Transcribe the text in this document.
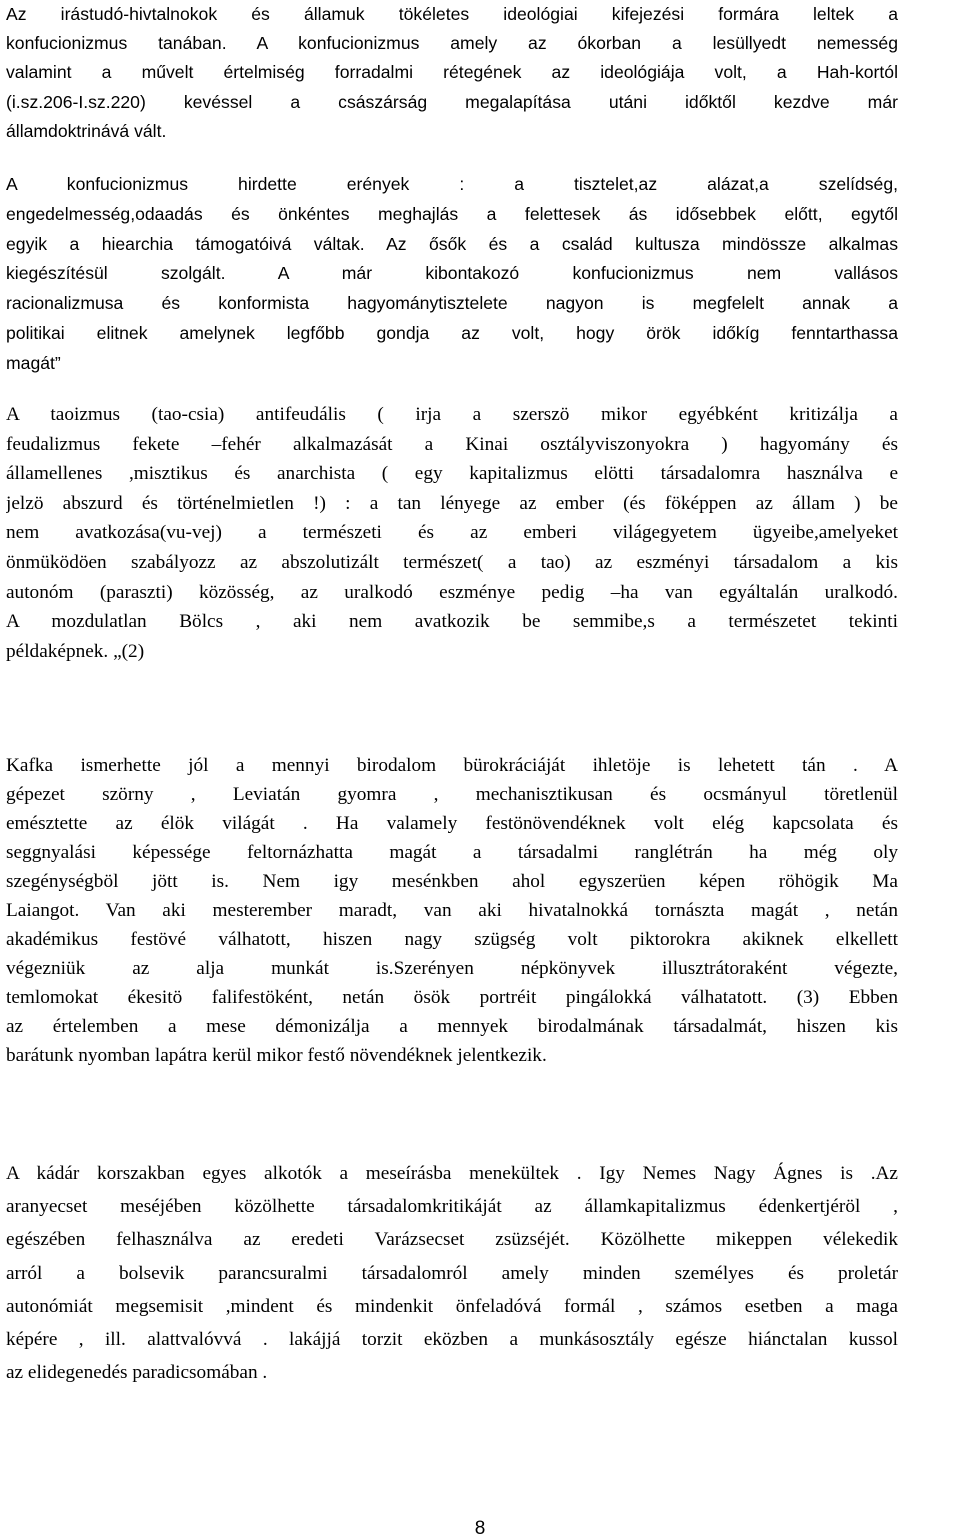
Az irástudó-hivtalnokok és államuk tökéletes ideológiai kifejezési formára leltek a
konfucionizmus tanában. A konfucionizmus amely az ókorban a lesüllyedt nemesség
valamint a művelt értelmiség forradalmi rétegének az ideológiája volt, a Hah-kortól
(i.sz.206-I.sz.220) kevéssel a császárság megalapítása utáni időktől kezdve már
államdoktrinává vált.
A konfucionizmus hirdette erények : a tisztelet,az alázat,a szelídség,
engedelmesség,odaadás és önkéntes meghajlás a felettesek ás idősebbek előtt, egytől
egyik a hiearchia támogatóivá váltak. Az ősők és a család kultusza mindössze alkalmas
kiegészítésül szolgált. A már kibontakozó konfucionizmus nem vallásos
racionalizmusa és konformista hagyománytisztelete nagyon is megfelelt annak a
politikai elitnek amelynek legfőbb gondja az volt, hogy örök időkíg fenntarthassa
magát”
A taoizmus (tao-csia) antifeudális ( irja a szerszö mikor egyébként kritizálja a
feudalizmus fekete –fehér alkalmazását a Kinai osztályviszonyokra ) hagyomány és
államellenes ,misztikus és anarchista ( egy kapitalizmus elötti társadalomra használva e
jelzö abszurd és történelmietlen !) : a tan lényege az ember (és föképpen az állam ) be
nem avatkozása(vu-vej) a természeti és az emberi világegyetem ügyeibe,amelyeket
önmüködöen szabályozz az abszolutizált természet( a tao) az eszményi társadalom a kis
autonóm (paraszti) közösség, az uralkodó eszménye pedig –ha van egyáltalán uralkodó.
A mozdulatlan Bölcs , aki nem avatkozik be semmibe,s a természetet tekinti
példaképnek. „(2)
Kafka ismerhette jól a mennyi birodalom bürokráciáját ihletöje is lehetett tán . A
gépezet szörny , Leviatán gyomra , mechanisztikusan és ocsmányul töretlenül
emésztette az élök világát . Ha valamely festönövendéknek volt elég kapcsolata és
seggnyalási képessége feltornázhatta magát a társadalmi ranglétrán ha még oly
szegénységböl jött is. Nem igy mesénkben ahol egyszerüen képen röhögik Ma
Laiangot. Van aki mesterember maradt, van aki hivatalnokká tornászta magát , netán
akadémikus festövé válhatott, hiszen nagy szügség volt piktorokra akiknek elkellett
végezniük az alja munkát is.Szerényen népkönyvek illusztrátoraként végezte,
temlomokat ékesitö falifestöként, netán ösök portréit pingálokká válhatatott. (3) Ebben
az értelemben a mese démonizálja a mennyek birodalmának társadalmát, hiszen kis
barátunk nyomban lapátra kerül mikor festő növendéknek jelentkezik.
A kádár korszakban egyes alkotók a meseírásba menekültek . Igy Nemes Nagy Ágnes is .Az
aranyecset meséjében közölhette társadalomkritikáját az államkapitalizmus édenkertjéröl ,
egészében felhasználva az eredeti Varázsecset zsüzséjét. Közölhette mikeppen vélekedik
arról a bolsevik parancsuralmi társadalomról amely minden személyes és proletár
autonómiát megsemisit ,mindent és mindenkit önfeladóvá formál , számos esetben a maga
képére , ill. alattvalóvvá . lakájjá torzit eközben a munkásosztály egésze hiánctalan kussol
az elidegenedés paradicsomában .
8
